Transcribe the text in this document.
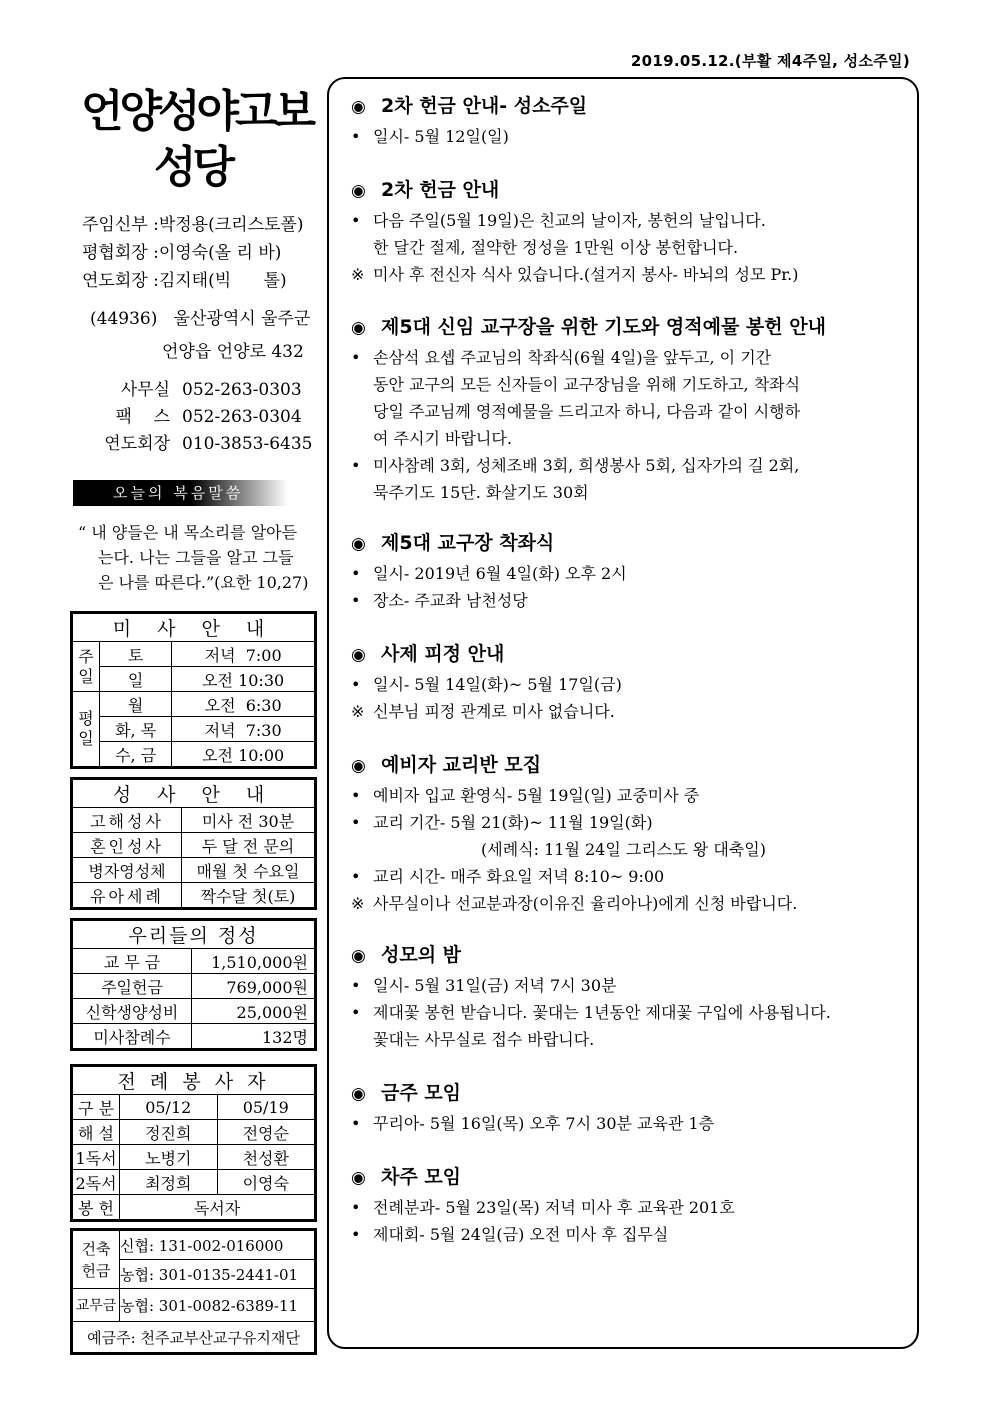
2019.05.12.(부활 제4주일, 성소주일)
언양성야고보
성당
주임신부 :박정용(크리스토폴)
평협회장 :이영숙(올 리 바)
연도회장 :김지태(빅      톨)
(44936)   울산광역시 울주군
언양읍 언양로 432
사무실 052-263-0303
팩    스 052-263-0304
연도회장 010-3853-6435
오늘의 복음말씀
“ 내 양들은 내 목소리를 알아듣
는다. 나는 그들을 알고 그들
은 나를 따른다.”(요한 10,27)
미 사 안 내		
주일	토	저녁  7:00
	일	오전 10:30
평일	월	오전  6:30
	화, 목	저녁  7:30
	수, 금	오전 10:00
성 사 안 내	
고해성사	미사 전 30분
혼인성사	두 달 전 문의
병자영성체	매월 첫 수요일
유아세례	짝수달 첫(토)
우리들의 정성	
교 무 금	1,510,000원
주일헌금	769,000원
신학생양성비	25,000원
미사참례수	132명
전 례 봉 사 자		
구 분	05/12	05/19
해 설	정진희	전영순
1독서	노병기	천성환
2독서	최정희	이영숙
봉 헌	독서자	
건축
헌금	신협: 131-002-016000
	농협: 301-0135-2441-01
교무금	농협: 301-0082-6389-11
예금주: 천주교부산교구유지재단	
◉ 2차 헌금 안내- 성소주일

• 일시- 5월 12일(일)

◉ 2차 헌금 안내

• 다음 주일(5월 19일)은 친교의 날이자, 봉헌의 날입니다.

한 달간 절제, 절약한 정성을 1만원 이상 봉헌합니다.

※ 미사 후 전신자 식사 있습니다.(설거지 봉사- 바뇌의 성모 Pr.)

◉ 제5대 신임 교구장을 위한 기도와 영적예물 봉헌 안내

• 손삼석 요셉 주교님의 착좌식(6월 4일)을 앞두고, 이 기간

동안 교구의 모든 신자들이 교구장님을 위해 기도하고, 착좌식

당일 주교님께 영적예물을 드리고자 하니, 다음과 같이 시행하

여 주시기 바랍니다.

• 미사참례 3회, 성체조배 3회, 희생봉사 5회, 십자가의 길 2회,

묵주기도 15단. 화살기도 30회

◉ 제5대 교구장 착좌식

• 일시- 2019년 6월 4일(화) 오후 2시

• 장소- 주교좌 남천성당

◉ 사제 피정 안내

• 일시- 5월 14일(화)~ 5월 17일(금)

※ 신부님 피정 관계로 미사 없습니다.

◉ 예비자 교리반 모집

• 예비자 입교 환영식- 5월 19일(일) 교중미사 중

• 교리 기간- 5월 21(화)~ 11월 19일(화)

(세례식: 11월 24일 그리스도 왕 대축일)

• 교리 시간- 매주 화요일 저녁 8:10~ 9:00

※ 사무실이나 선교분과장(이유진 율리아나)에게 신청 바랍니다.

◉ 성모의 밤

• 일시- 5월 31일(금) 저녁 7시 30분

• 제대꽃 봉헌 받습니다. 꽃대는 1년동안 제대꽃 구입에 사용됩니다.

꽃대는 사무실로 접수 바랍니다.

◉ 금주 모임

• 꾸리아- 5월 16일(목) 오후 7시 30분 교육관 1층

◉ 차주 모임

• 전례분과- 5월 23일(목) 저녁 미사 후 교육관 201호

• 제대회- 5월 24일(금) 오전 미사 후 집무실
